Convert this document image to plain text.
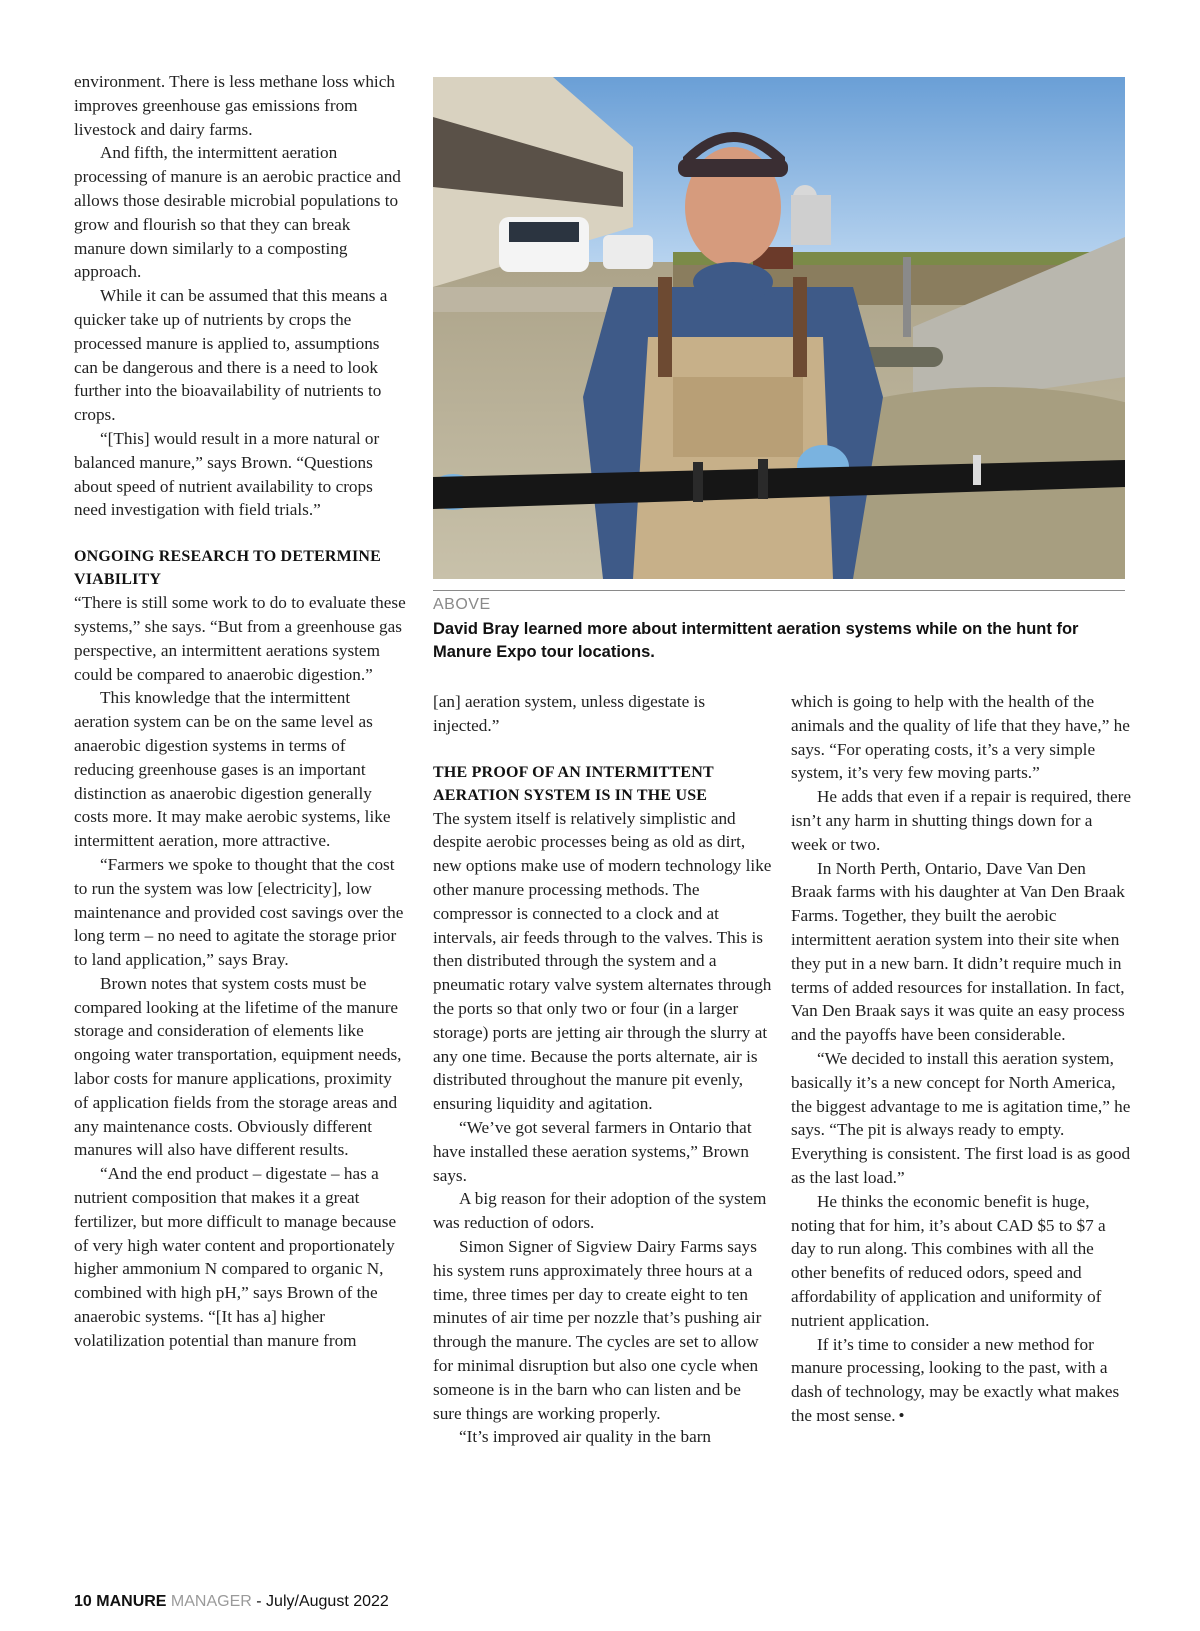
environment. There is less methane loss which improves greenhouse gas emissions from livestock and dairy farms.

And fifth, the intermittent aeration processing of manure is an aerobic practice and allows those desirable microbial populations to grow and flourish so that they can break manure down similarly to a composting approach.

While it can be assumed that this means a quicker take up of nutrients by crops the processed manure is applied to, assumptions can be dangerous and there is a need to look further into the bioavailability of nutrients to crops.

“[This] would result in a more natural or balanced manure,” says Brown. “Questions about speed of nutrient availability to crops need investigation with field trials.”

ONGOING RESEARCH TO DETERMINE VIABILITY

“There is still some work to do to evaluate these systems,” she says. “But from a greenhouse gas perspective, an intermittent aerations system could be compared to anaerobic digestion.”

This knowledge that the intermittent aeration system can be on the same level as anaerobic digestion systems in terms of reducing greenhouse gases is an important distinction as anaerobic digestion generally costs more. It may make aerobic systems, like intermittent aeration, more attractive.

“Farmers we spoke to thought that the cost to run the system was low [electricity], low maintenance and provided cost savings over the long term – no need to agitate the storage prior to land application,” says Bray.

Brown notes that system costs must be compared looking at the lifetime of the manure storage and consideration of elements like ongoing water transportation, equipment needs, labor costs for manure applications, proximity of application fields from the storage areas and any maintenance costs. Obviously different manures will also have different results.

“And the end product – digestate – has a nutrient composition that makes it a great fertilizer, but more difficult to manage because of very high water content and proportionately higher ammonium N compared to organic N, combined with high pH,” says Brown of the anaerobic systems. “[It has a] higher volatilization potential than manure from

ABOVE
David Bray learned more about intermittent aeration systems while on the hunt for Manure Expo tour locations.

[an] aeration system, unless digestate is injected.”

THE PROOF OF AN INTERMITTENT AERATION SYSTEM IS IN THE USE

The system itself is relatively simplistic and despite aerobic processes being as old as dirt, new options make use of modern technology like other manure processing methods. The compressor is connected to a clock and at intervals, air feeds through to the valves. This is then distributed through the system and a pneumatic rotary valve system alternates through the ports so that only two or four (in a larger storage) ports are jetting air through the slurry at any one time. Because the ports alternate, air is distributed throughout the manure pit evenly, ensuring liquidity and agitation.

“We’ve got several farmers in Ontario that have installed these aeration systems,” Brown says.

A big reason for their adoption of the system was reduction of odors.

Simon Signer of Sigview Dairy Farms says his system runs approximately three hours at a time, three times per day to create eight to ten minutes of air time per nozzle that’s pushing air through the manure. The cycles are set to allow for minimal disruption but also one cycle when someone is in the barn who can listen and be sure things are working properly.

“It’s improved air quality in the barn

which is going to help with the health of the animals and the quality of life that they have,” he says. “For operating costs, it’s a very simple system, it’s very few moving parts.”

He adds that even if a repair is required, there isn’t any harm in shutting things down for a week or two.

In North Perth, Ontario, Dave Van Den Braak farms with his daughter at Van Den Braak Farms. Together, they built the aerobic intermittent aeration system into their site when they put in a new barn. It didn’t require much in terms of added resources for installation. In fact, Van Den Braak says it was quite an easy process and the payoffs have been considerable.

“We decided to install this aeration system, basically it’s a new concept for North America, the biggest advantage to me is agitation time,” he says. “The pit is always ready to empty. Everything is consistent. The first load is as good as the last load.”

He thinks the economic benefit is huge, noting that for him, it’s about CAD $5 to $7 a day to run along. This combines with all the other benefits of reduced odors, speed and affordability of application and uniformity of nutrient application.

If it’s time to consider a new method for manure processing, looking to the past, with a dash of technology, may be exactly what makes the most sense. •

10 MANURE MANAGER - July/August 2022
